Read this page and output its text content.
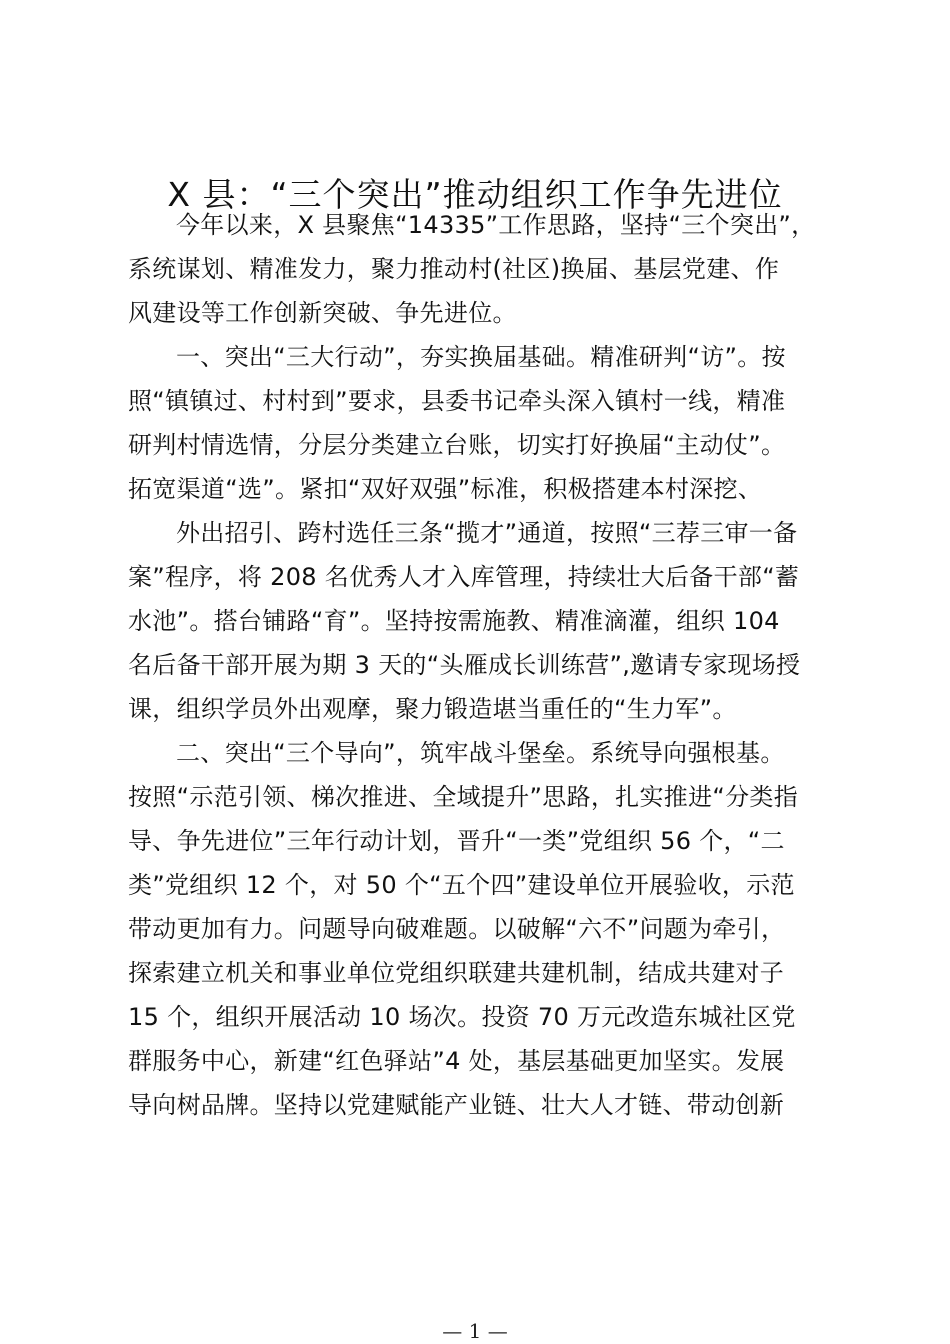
X 县：“三个突出”推动组织工作争先进位
今年以来，X 县聚焦“14335”工作思路，坚持“三个突出”，
系统谋划、精准发力，聚力推动村(社区)换届、基层党建、作
风建设等工作创新突破、争先进位。
一、突出“三大行动”，夯实换届基础。精准研判“访”。按
照“镇镇过、村村到”要求，县委书记牵头深入镇村一线，精准
研判村情选情，分层分类建立台账，切实打好换届“主动仗”。
拓宽渠道“选”。紧扣“双好双强”标准，积极搭建本村深挖、
外出招引、跨村选任三条“揽才”通道，按照“三荐三审一备
案”程序，将 208 名优秀人才入库管理，持续壮大后备干部“蓄
水池”。搭台铺路“育”。坚持按需施教、精准滴灌，组织 104
名后备干部开展为期 3 天的“头雁成长训练营”,邀请专家现场授
课，组织学员外出观摩，聚力锻造堪当重任的“生力军”。
二、突出“三个导向”，筑牢战斗堡垒。系统导向强根基。
按照“示范引领、梯次推进、全域提升”思路，扎实推进“分类指
导、争先进位”三年行动计划，晋升“一类”党组织 56 个，“二
类”党组织 12 个，对 50 个“五个四”建设单位开展验收，示范
带动更加有力。问题导向破难题。以破解“六不”问题为牵引，
探索建立机关和事业单位党组织联建共建机制，结成共建对子
15 个，组织开展活动 10 场次。投资 70 万元改造东城社区党
群服务中心，新建“红色驿站”4 处，基层基础更加坚实。发展
导向树品牌。坚持以党建赋能产业链、壮大人才链、带动创新
— 1 —
